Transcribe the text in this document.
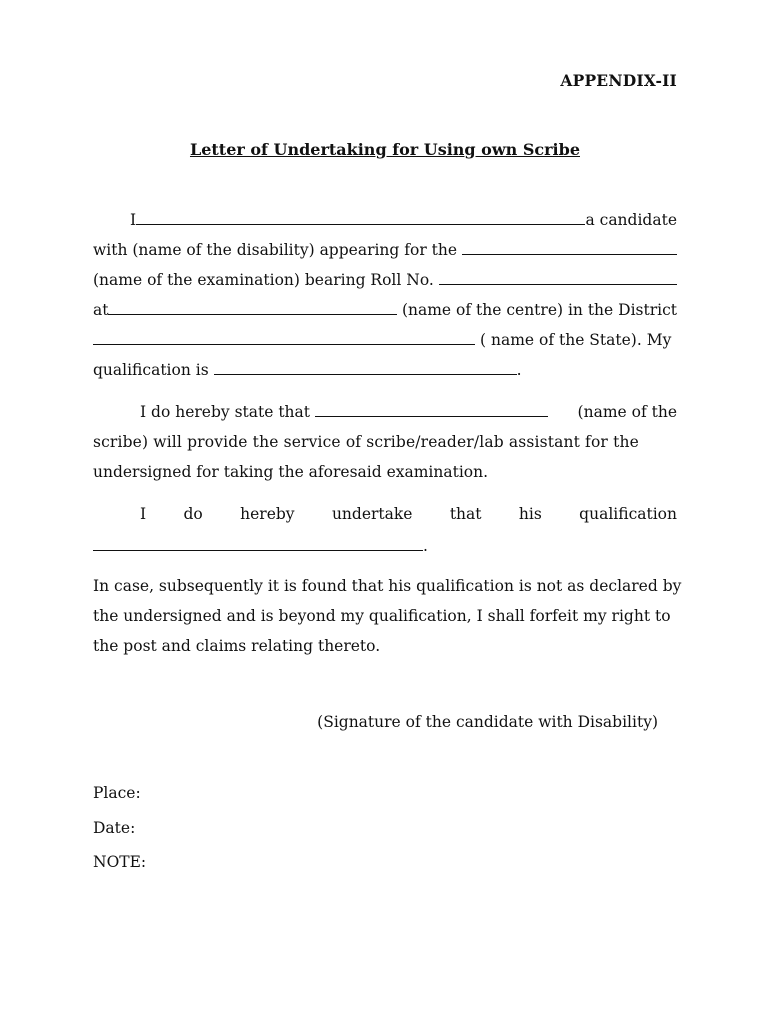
APPENDIX-II
Letter of Undertaking for Using own Scribe
I	a candidate
with (name of the disability) appearing for the
(name of the examination) bearing Roll No.
at	(name of the centre) in the District
( name of the State). My
qualification is	.
I do hereby state that	(name of the
scribe) will provide the service of scribe/reader/lab assistant for the
undersigned for taking the aforesaid examination.
I do hereby undertake that his qualification
.
In case, subsequently it is found that his qualification is not as declared by
the undersigned and is beyond my qualification, I shall forfeit my right to
the post and claims relating thereto.
(Signature of the candidate with Disability)
Place:
Date:
NOTE:
